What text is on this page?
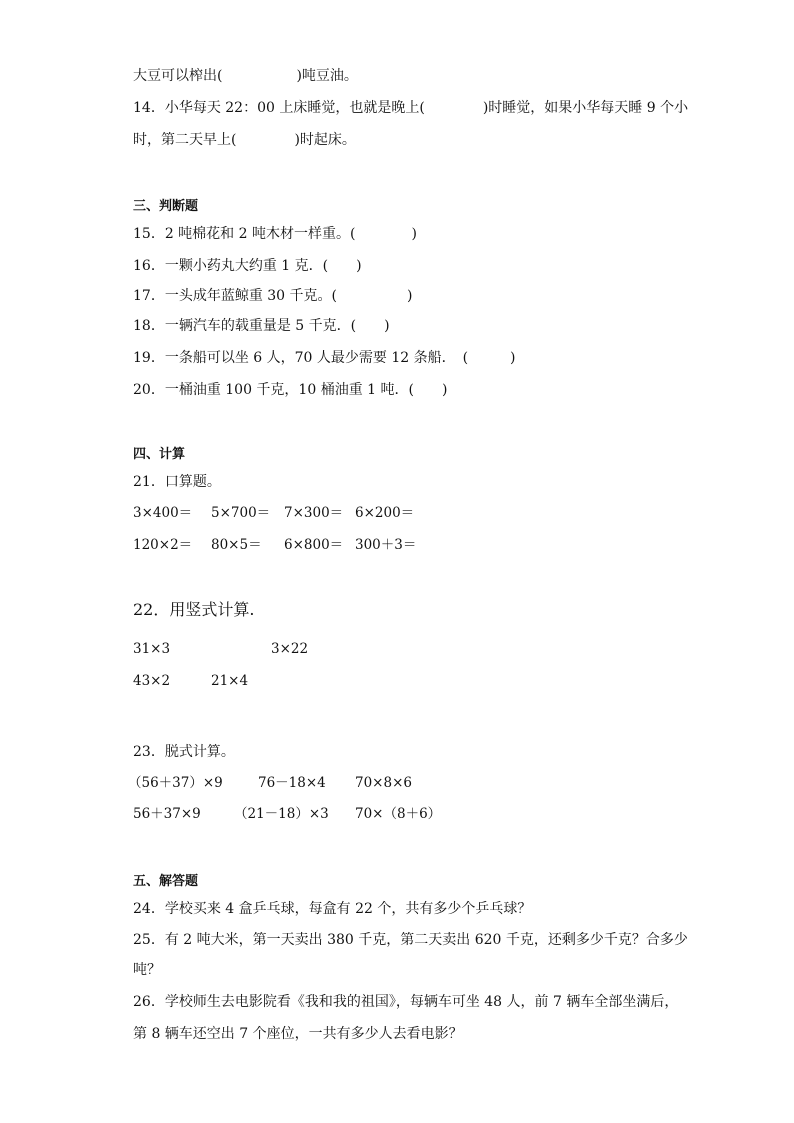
大豆可以榨出(	)吨豆油。
14．小华每天 22：00 上床睡觉，也就是晚上(	)时睡觉，如果小华每天睡 9 个小
时，第二天早上(	)时起床。
三、判断题
15．2 吨棉花和 2 吨木材一样重。(　　　　)
16．一颗小药丸大约重 1 克．(　　)
17．一头成年蓝鲸重 30 千克。(　　　　　)
18．一辆汽车的载重量是 5 千克．(　　)
19．一条船可以坐 6 人，70 人最少需要 12 条船．　(　　　)
20．一桶油重 100 千克，10 桶油重 1 吨．(　　)
四、计算
21．口算题。
3×400＝ 5×700＝ 7×300＝ 6×200＝
120×2＝ 80×5＝ 6×800＝ 300＋3＝
22．用竖式计算.
31×3	3×22
43×2	21×4
23．脱式计算。
（56＋37）×9	76－18×4 70×8×6
56＋37×9 （21－18）×3 70×（8＋6）
五、解答题
24．学校买来 4 盒乒乓球，每盒有 22 个，共有多少个乒乓球？
25．有 2 吨大米，第一天卖出 380 千克，第二天卖出 620 千克，还剩多少千克？合多少
吨？
26．学校师生去电影院看《我和我的祖国》，每辆车可坐 48 人，前 7 辆车全部坐满后，
第 8 辆车还空出 7 个座位，一共有多少人去看电影？
